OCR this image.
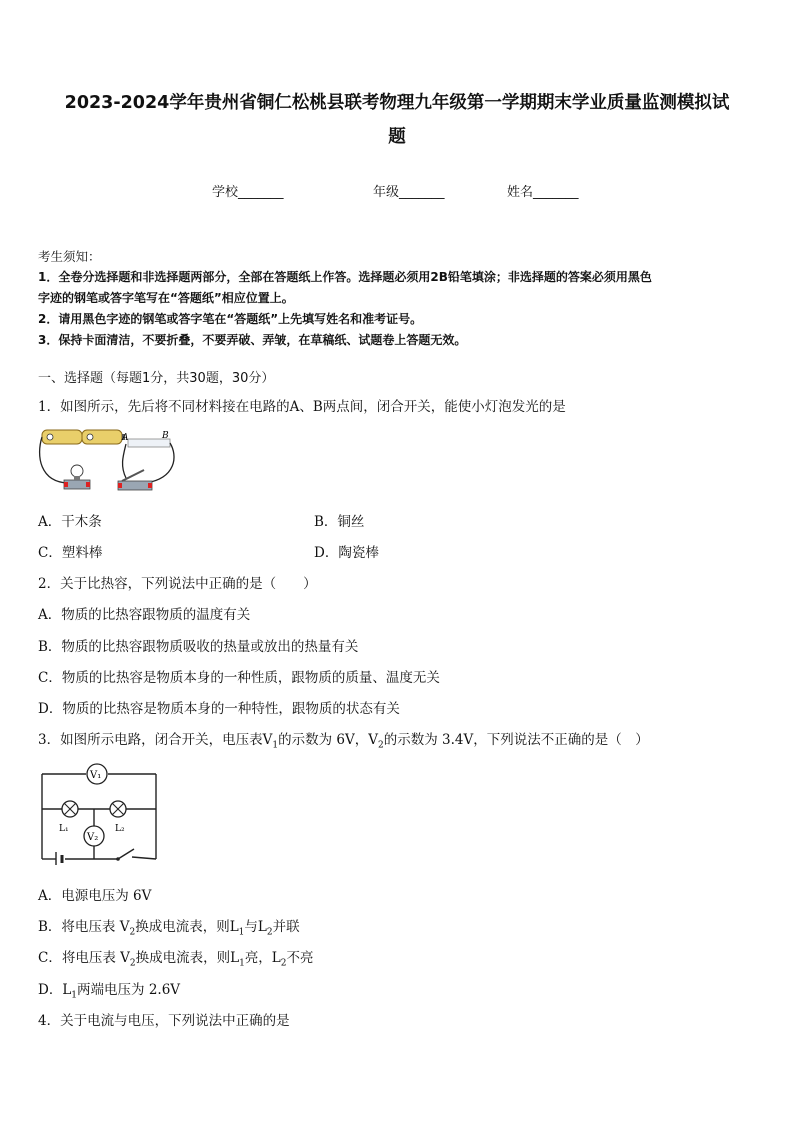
2023-2024学年贵州省铜仁松桃县联考物理九年级第一学期期末学业质量监测模拟试
题
学校_______	年级_______	姓名_______
考生须知：
1．全卷分选择题和非选择题两部分，全部在答题纸上作答。选择题必须用2B铅笔填涂；非选择题的答案必须用黑色
字迹的钢笔或答字笔写在“答题纸”相应位置上。
2．请用黑色字迹的钢笔或答字笔在“答题纸”上先填写姓名和准考证号。
3．保持卡面清洁，不要折叠，不要弄破、弄皱，在草稿纸、试题卷上答题无效。
一、选择题（每题1分，共30题，30分）
1．如图所示，先后将不同材料接在电路的A、B两点间，闭合开关，能使小灯泡发光的是
A	B
A．干木条	B．铜丝
C．塑料棒	D．陶瓷棒
2．关于比热容，下列说法中正确的是（　　）
A．物质的比热容跟物质的温度有关
B．物质的比热容跟物质吸收的热量或放出的热量有关
C．物质的比热容是物质本身的一种性质，跟物质的质量、温度无关
D．物质的比热容是物质本身的一种特性，跟物质的状态有关
3．如图所示电路，闭合开关，电压表$V_1$的示数为 6V，$V_2$的示数为 3.4V，下列说法不正确的是（　）
V₁
L₁	L₂
V₂
A．电源电压为 6V
B．将电压表 $V_2$换成电流表，则$L_1$与$L_2$并联
C．将电压表 $V_2$换成电流表，则$L_1$亮，$L_2$不亮
D．$L_1$两端电压为 2.6V
4．关于电流与电压，下列说法中正确的是
